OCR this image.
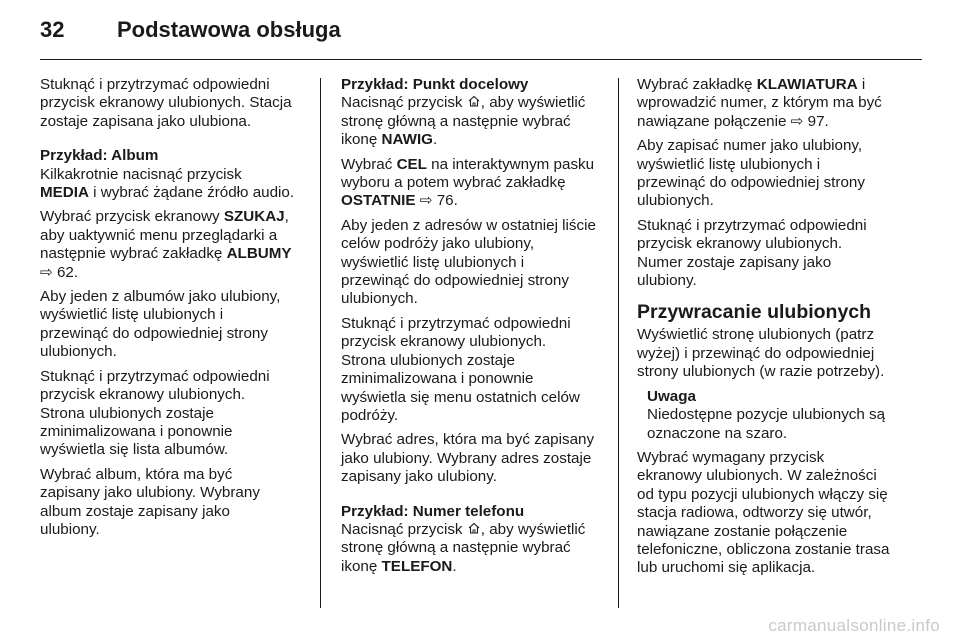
32	Podstawowa obsługa
Stuknąć i przytrzymać odpowiedni
przycisk ekranowy ulubionych. Stacja
zostaje zapisana jako ulubiona.
Przykład: Album
Kilkakrotnie nacisnąć przycisk
MEDIA i wybrać żądane źródło audio.
Wybrać przycisk ekranowy SZUKAJ,
aby uaktywnić menu przeglądarki a
następnie wybrać zakładkę ALBUMY
⇨ 62.
Aby jeden z albumów jako ulubiony,
wyświetlić listę ulubionych i
przewinąć do odpowiedniej strony
ulubionych.
Stuknąć i przytrzymać odpowiedni
przycisk ekranowy ulubionych.
Strona ulubionych zostaje
zminimalizowana i ponownie
wyświetla się lista albumów.
Wybrać album, która ma być
zapisany jako ulubiony. Wybrany
album zostaje zapisany jako
ulubiony.
Przykład: Punkt docelowy
Nacisnąć przycisk , aby wyświetlić
stronę główną a następnie wybrać
ikonę NAWIG.
Wybrać CEL na interaktywnym pasku
wyboru a potem wybrać zakładkę
OSTATNIE ⇨ 76.
Aby jeden z adresów w ostatniej liście
celów podróży jako ulubiony,
wyświetlić listę ulubionych i
przewinąć do odpowiedniej strony
ulubionych.
Stuknąć i przytrzymać odpowiedni
przycisk ekranowy ulubionych.
Strona ulubionych zostaje
zminimalizowana i ponownie
wyświetla się menu ostatnich celów
podróży.
Wybrać adres, która ma być zapisany
jako ulubiony. Wybrany adres zostaje
zapisany jako ulubiony.
Przykład: Numer telefonu
Nacisnąć przycisk , aby wyświetlić
stronę główną a następnie wybrać
ikonę TELEFON.
Wybrać zakładkę KLAWIATURA i
wprowadzić numer, z którym ma być
nawiązane połączenie ⇨ 97.
Aby zapisać numer jako ulubiony,
wyświetlić listę ulubionych i
przewinąć do odpowiedniej strony
ulubionych.
Stuknąć i przytrzymać odpowiedni
przycisk ekranowy ulubionych.
Numer zostaje zapisany jako
ulubiony.
Przywracanie ulubionych
Wyświetlić stronę ulubionych (patrz
wyżej) i przewinąć do odpowiedniej
strony ulubionych (w razie potrzeby).
Uwaga
Niedostępne pozycje ulubionych są
oznaczone na szaro.
Wybrać wymagany przycisk
ekranowy ulubionych. W zależności
od typu pozycji ulubionych włączy się
stacja radiowa, odtworzy się utwór,
nawiązane zostanie połączenie
telefoniczne, obliczona zostanie trasa
lub uruchomi się aplikacja.
carmanualsonline.info
